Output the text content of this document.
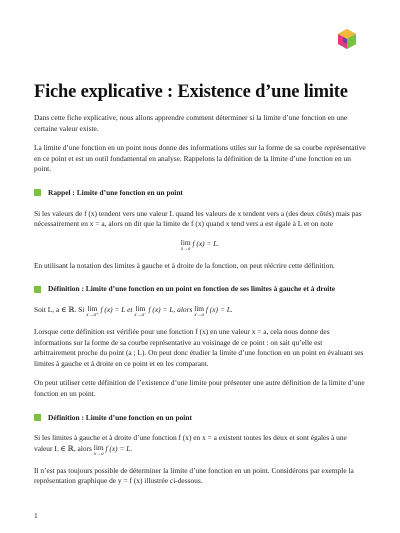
Fiche explicative : Existence d’une limite

Dans cette fiche explicative, nous allons apprendre comment déterminer si la limite d’une fonction en une certaine valeur existe.

La limite d’une fonction en un point nous donne des informations utiles sur la forme de sa courbe représentative en ce point et est un outil fondamental en analyse. Rappelons la définition de la limite d’une fonction en un point.

Rappel : Limite d’une fonction en un point

Si les valeurs de f (x) tendent vers une valeur L quand les valeurs de x tendent vers a (des deux côtés) mais pas nécessairement en x = a, alors on dit que la limite de f (x) quand x tend vers a est égale à L et on note

lim
x→a
f (x) = L.

En utilisant la notation des limites à gauche et à droite de la fonction, on peut réécrire cette définition.

Définition : Limite d’une fonction en un point en fonction de ses limites à gauche et à droite

Soit L, a ∈ ℝ. Si lim
x→a⁺
f (x) = L et lim
x→a⁻
f (x) = L, alors lim
x→a
f (x) = L.

Lorsque cette définition est vérifiée pour une fonction f (x) en une valeur x = a, cela nous donne des informations sur la forme de sa courbe représentative au voisinage de ce point : on sait qu’elle est arbitrairement proche du point (a ; L). On peut donc étudier la limite d’une fonction en un point en évaluant ses limites à gauche et à droite en ce point et en les comparant.

On peut utiliser cette définition de l’existence d’une limite pour présenter une autre définition de la limite d’une fonction en un point.

Définition : Limite d’une fonction en un point

Si les limites à gauche et à droite d’une fonction f (x) en x = a existent toutes les deux et sont égales à une valeur L ∈ ℝ, alors lim
x→a
f (x) = L.

Il n’est pas toujours possible de déterminer la limite d’une fonction en un point. Considérons par exemple la représentation graphique de y = f (x) illustrée ci-dessous.

1
